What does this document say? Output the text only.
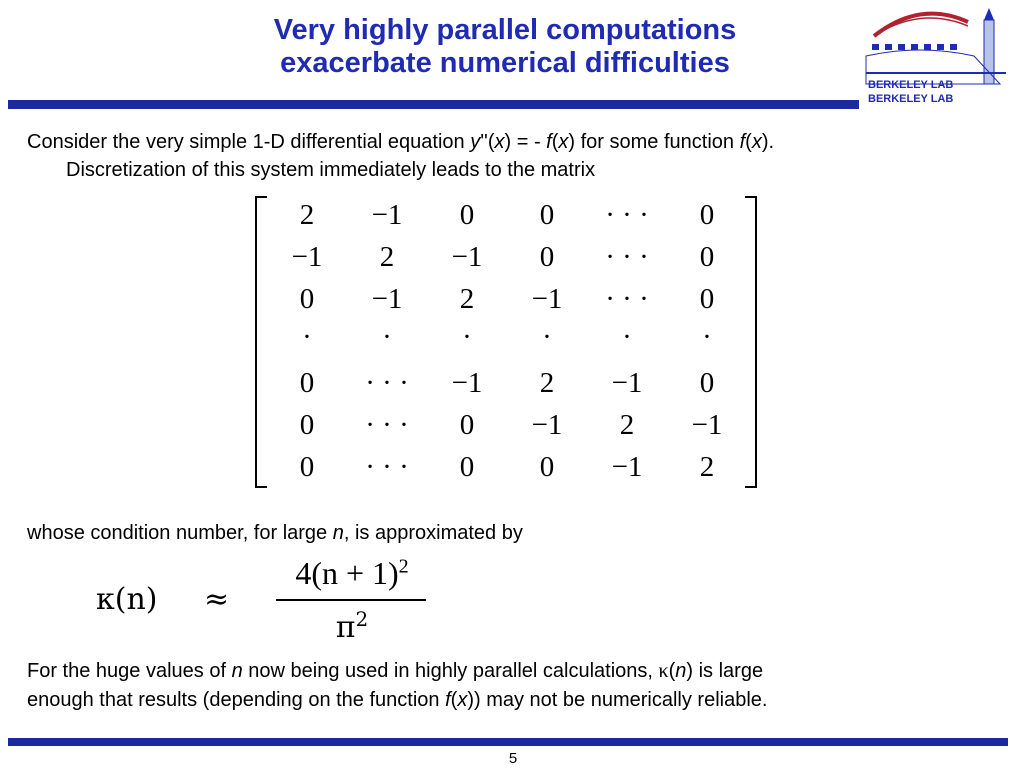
Very highly parallel computations
exacerbate numerical difficulties
BERKELEY LAB
BERKELEY LAB
Consider the very simple 1-D differential equation y''(x) = - f(x) for some function f(x).
Discretization of this system immediately leads to the matrix
2	−1	0	0	· · ·	0
−1	2	−1	0	· · ·	0
0	−1	2	−1	· · ·	0
·	·	·	·	·	·
0	· · ·	−1	2	−1	0
0	· · ·	0	−1	2	−1
0	· · ·	0	0	−1	2
whose condition number, for large n, is approximated by
κ(n) ≈
$4(n + 1)^2$
$\pi^2$
For the huge values of n now being used in highly parallel calculations, κ(n) is large
enough that results (depending on the function f(x)) may not be numerically reliable.
5
